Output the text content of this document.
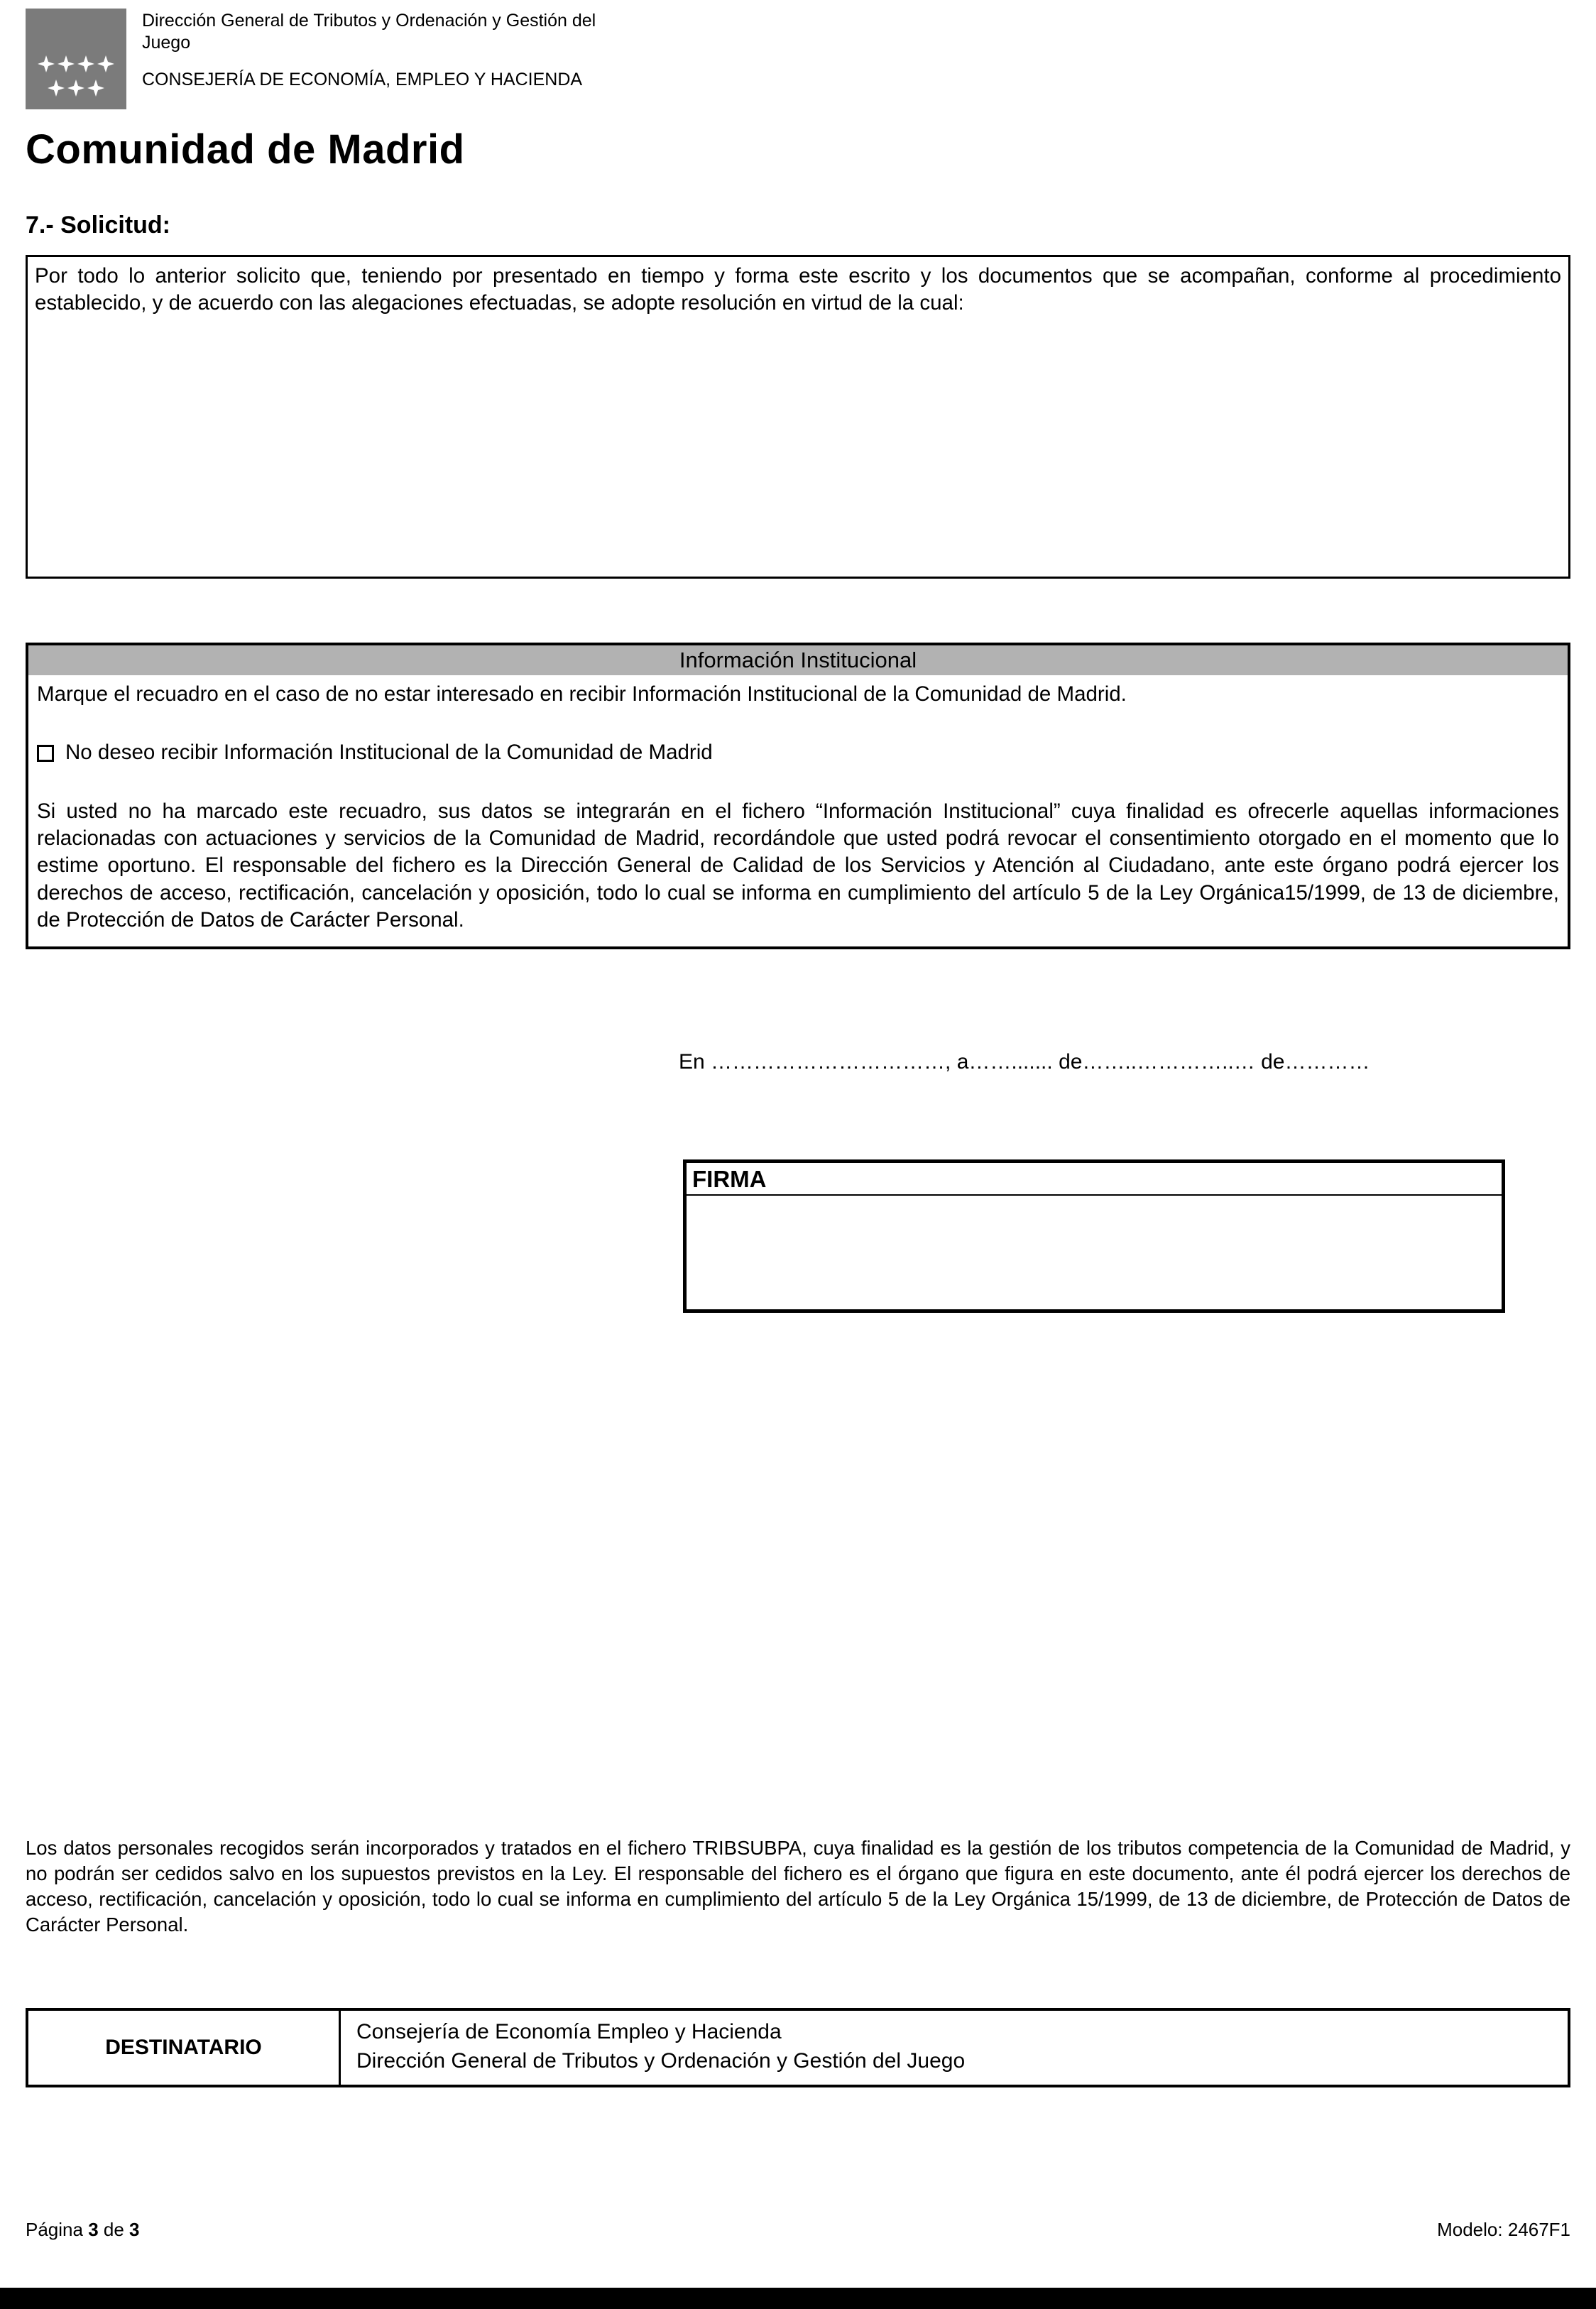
Dirección General de Tributos y Ordenación y Gestión del Juego
CONSEJERÍA DE ECONOMÍA, EMPLEO Y HACIENDA
Comunidad de Madrid
7.- Solicitud:
Por todo lo anterior solicito que, teniendo por presentado en tiempo y forma este escrito y los documentos que se acompañan, conforme al procedimiento establecido, y de acuerdo con las alegaciones efectuadas, se adopte resolución en virtud de la cual:
Información Institucional
Marque el recuadro en el caso de no estar interesado en recibir Información Institucional de la Comunidad de Madrid.
No deseo recibir Información Institucional de la Comunidad de Madrid
Si usted no ha marcado este recuadro, sus datos se integrarán en el fichero “Información Institucional” cuya finalidad es ofrecerle aquellas informaciones relacionadas con actuaciones y servicios de la Comunidad de Madrid, recordándole que usted podrá revocar el consentimiento otorgado en el momento que lo estime oportuno. El responsable del fichero es la Dirección General de Calidad de los Servicios y Atención al Ciudadano, ante este órgano podrá ejercer los derechos de acceso, rectificación, cancelación y oposición, todo lo cual se informa en cumplimiento del artículo 5 de la Ley Orgánica15/1999, de 13 de diciembre, de Protección de Datos de Carácter Personal.
En ……………………………, a……....... de……..…………..… de…………
FIRMA
Los datos personales recogidos serán incorporados y tratados en el fichero TRIBSUBPA, cuya finalidad es la gestión de los tributos competencia de la Comunidad de Madrid, y no podrán ser cedidos salvo en los supuestos previstos en la Ley. El responsable del fichero es el órgano que figura en este documento, ante él podrá ejercer los derechos de acceso, rectificación, cancelación y oposición, todo lo cual se informa en cumplimiento del artículo 5 de la Ley Orgánica 15/1999, de 13 de diciembre, de Protección de Datos de Carácter Personal.
DESTINATARIO
Consejería de Economía Empleo y Hacienda
Dirección General de Tributos y Ordenación y Gestión del Juego
Página 3 de 3	Modelo: 2467F1
